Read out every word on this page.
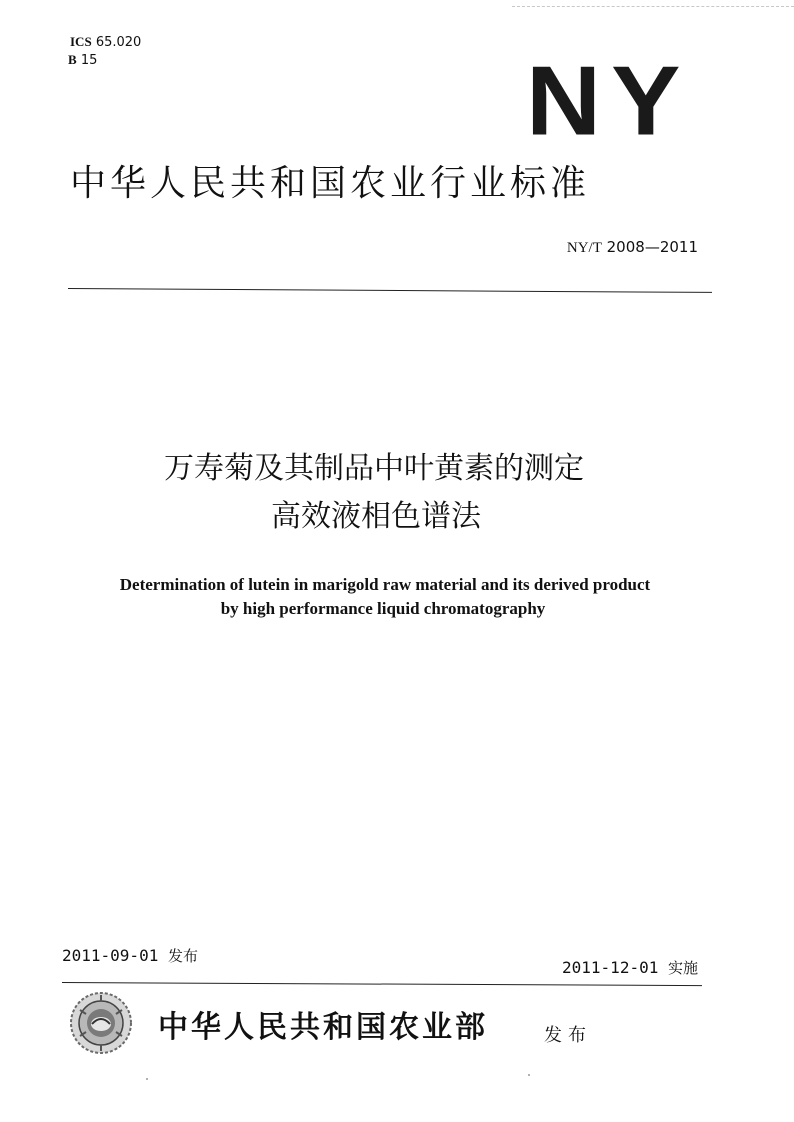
ICS 65.020
B 15	NY
中华人民共和国农业行业标准
NY/T 2008—2011
万寿菊及其制品中叶黄素的测定
高效液相色谱法
Determination of lutein in marigold raw material and its derived product
by high performance liquid chromatography
2011-09-01 发布
2011-12-01 实施
中华人民共和国农业部	发布
